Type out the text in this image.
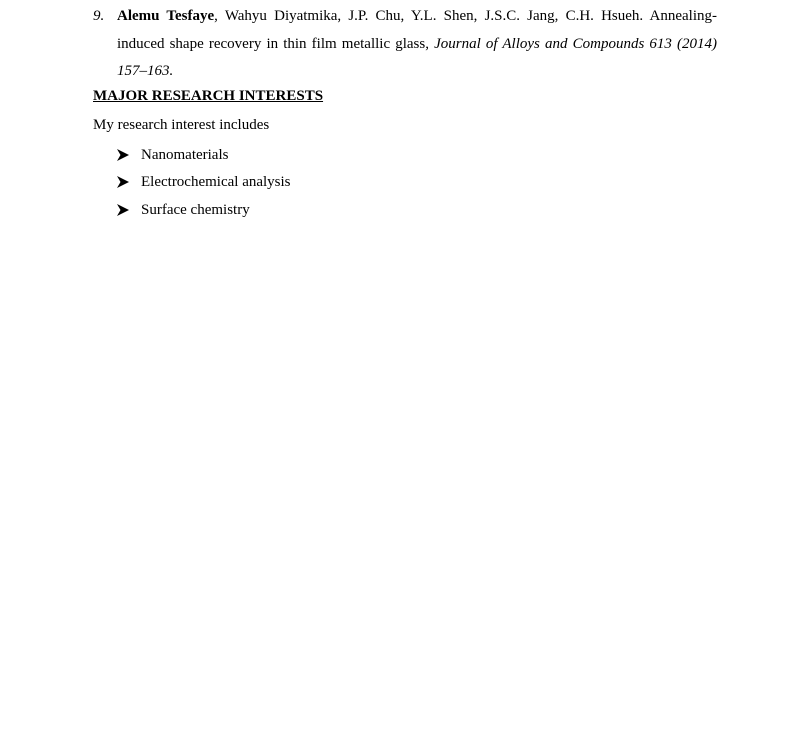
9. Alemu Tesfaye, Wahyu Diyatmika, J.P. Chu, Y.L. Shen, J.S.C. Jang, C.H. Hsueh. Annealing-induced shape recovery in thin film metallic glass, Journal of Alloys and Compounds 613 (2014) 157–163.
MAJOR RESEARCH INTERESTS
My research interest includes
Nanomaterials
Electrochemical analysis
Surface chemistry
